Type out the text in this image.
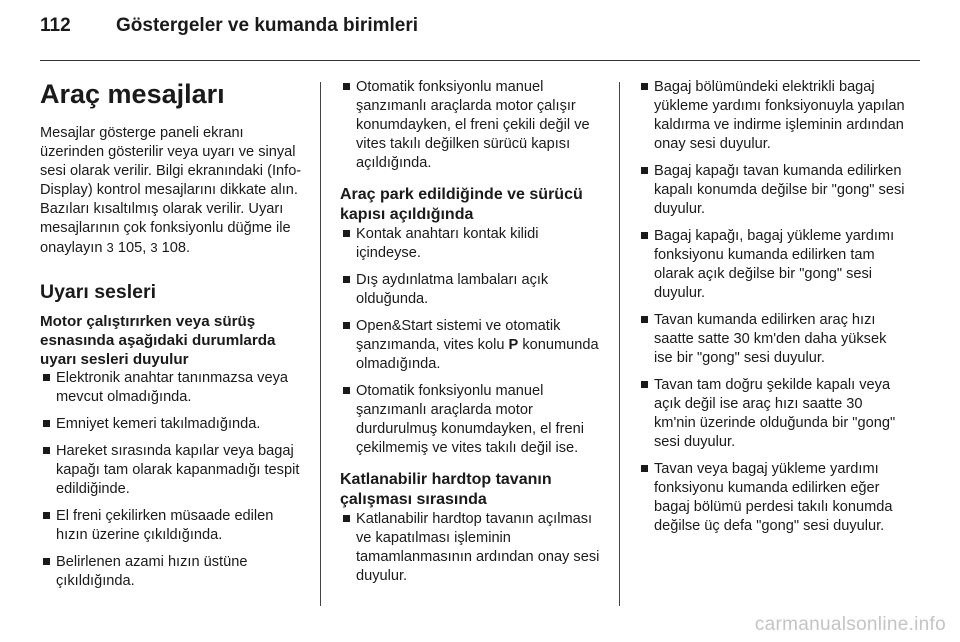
112 Göstergeler ve kumanda birimleri
Araç mesajları

Mesajlar gösterge paneli ekranı üzerinden gösterilir veya uyarı ve sinyal sesi olarak verilir. Bilgi ekranındaki (Info-Display) kontrol mesajlarını dikkate alın. Bazıları kısaltılmış olarak verilir. Uyarı mesajlarının çok fonksiyonlu düğme ile onaylayın 3 105, 3 108.

Uyarı sesleri
Motor çalıştırırken veya sürüş esnasında aşağıdaki durumlarda uyarı sesleri duyulur
Elektronik anahtar tanınmazsa veya mevcut olmadığında.
Emniyet kemeri takılmadığında.
Hareket sırasında kapılar veya bagaj kapağı tam olarak kapanmadığı tespit edildiğinde.
El freni çekilirken müsaade edilen hızın üzerine çıkıldığında.
Belirlenen azami hızın üstüne çıkıldığında.
Otomatik fonksiyonlu manuel şanzımanlı araçlarda motor çalışır konumdayken, el freni çekili değil ve vites takılı değilken sürücü kapısı açıldığında.
Araç park edildiğinde ve sürücü kapısı açıldığında
Kontak anahtarı kontak kilidi içindeyse.
Dış aydınlatma lambaları açık olduğunda.
Open&Start sistemi ve otomatik şanzımanda, vites kolu P konumunda olmadığında.
Otomatik fonksiyonlu manuel şanzımanlı araçlarda motor durdurulmuş konumdayken, el freni çekilmemiş ve vites takılı değil ise.
Katlanabilir hardtop tavanın çalışması sırasında
Katlanabilir hardtop tavanın açılması ve kapatılması işleminin tamamlanmasının ardından onay sesi duyulur.
Bagaj bölümündeki elektrikli bagaj yükleme yardımı fonksiyonuyla yapılan kaldırma ve indirme işleminin ardından onay sesi duyulur.
Bagaj kapağı tavan kumanda edilirken kapalı konumda değilse bir "gong" sesi duyulur.
Bagaj kapağı, bagaj yükleme yardımı fonksiyonu kumanda edilirken tam olarak açık değilse bir "gong" sesi duyulur.
Tavan kumanda edilirken araç hızı saatte satte 30 km'den daha yüksek ise bir "gong" sesi duyulur.
Tavan tam doğru şekilde kapalı veya açık değil ise araç hızı saatte 30 km'nin üzerinde olduğunda bir "gong" sesi duyulur.
Tavan veya bagaj yükleme yardımı fonksiyonu kumanda edilirken eğer bagaj bölümü perdesi takılı konumda değilse üç defa "gong" sesi duyulur.
carmanualsonline.info
